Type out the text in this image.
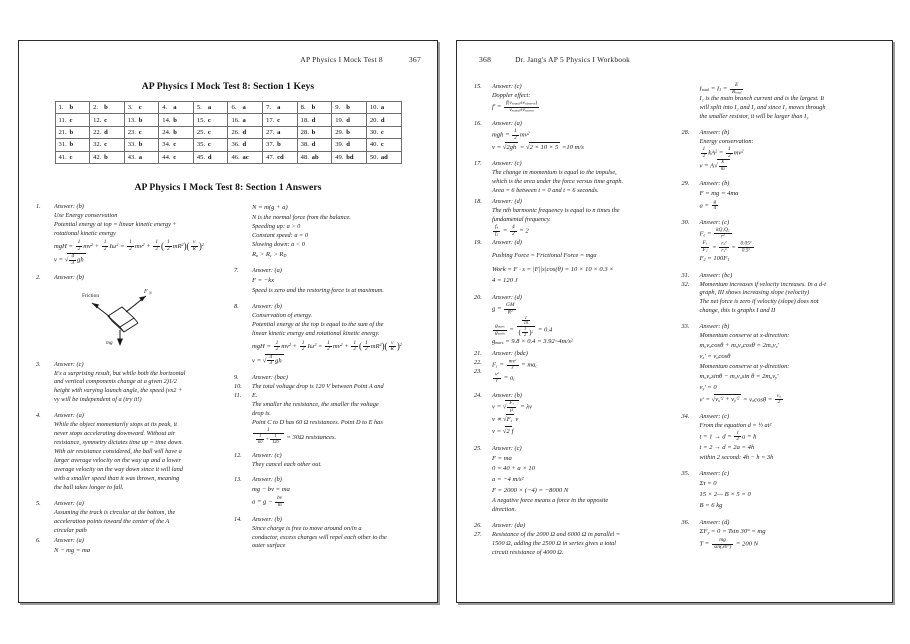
AP Physics I Mock Test 8	367
AP Physics I Mock Test 8: Section 1 Keys
1. b	2. b	3. c	4. a	5. a	6. a	7. a	8. b	9. b	10. a
11. c	12. c	13. b	14. b	15. c	16. a	17. c	18. d	19. d	20. d
21. b	22. d	23. c	24. b	25. c	26. d	27. a	28. b	29. b	30. c
31. b	32. c	33. b	34. c	35. c	36. d	37. b	38. d	39. d	40. c
41. c	42. b	43. a	44. c	45. d	46. ac	47. cd	48. ab	49. bd	50. ad
AP Physics I Mock Test 8: Section 1 Answers
1.	Answer: (b)

Use Energy conservation

Potential energy at top = linear kinetic energy +

rotational kinetic energy

mgH = $\frac{1}{2} mv^2 + \frac{1}{2} I\omega^2 = \frac{1}{2} mv^2 + \frac{1}{2}$ ( $\frac{1}{2} mR^2)( \frac{v}{R} )^2$
v = √ $\frac{4}{3}$ gh
2.	Answer: (b)

Friction
F N
mg
3.	Answer: (c)

It's a surprising result, but while both the horizontal

and vertical components change at a given 2)1/2

height with varying launch angle, the speed (vx2 +

vy will be independent of a (try it!)

4.	Answer: (a)

While the object momentarily stops at its peak, it

never stops accelerating downward. Without air

resistance, symmetry dictates time up = time down.

With air resistance considered, the ball will have a

larger average velocity on the way up and a lower

average velocity on the way down since it will land

with a smaller speed than it was thrown, meaning

the ball takes longer to fall.

5.	Answer: (a)

Assuming the track is circular at the bottom, the

acceleration points toward the center of the A

circular path

6.	Answer: (a)

N − mg = ma
N = m(g + a)

N is the normal force from the balance.

Speeding up: a > 0

Constant speed: a = 0

Slowing down: a < 0

$R_a > R_c > R_D$
7.	Answer: (a)

F = −kx

Speed is zero and the restoring force is at maximum.

8.	Answer: (b)

Conservation of energy.

Potential energy at the top is equal to the sum of the

linear kinetic energy and rotational kinetic energy.

mgH = $\frac{1}{2} mv^2 + \frac{1}{2} I\omega^2 = \frac{1}{2} mv^2 + \frac{1}{2}$ ( $\frac{1}{2} mR^2)( \frac{v}{R} )^2$
v = √ $\frac{4}{3}$ gh
9.
10.
11.

Answer: (bac)

The total voltage drop is 120 V between Point A and

E.

The smaller the resistance, the smaller the voltage

drop is.

Point C to D has 60 Ω resistances. Point D to E has

$\frac{1}{\frac{1}{60} + \frac{1}{120}} = 30\Omega$ resistances.
12.	Answer: (c)

They cancel each other out.

13.	Answer: (b)

mg − bv = ma
$a = g - \frac{bv}{m}$
14.	Answer: (b)

Since charge is free to move around on/in a

conductor, excess charges will repel each other to the

outer surface

368	Dr. Jang's AP 5 Physics I Workbook
15.	Answer: (c)

Doppler effect:

$f' = \frac{f(v_{sound}\pm v_{observe})}{v_{sound}\pm v_{source}}$
16.	Answer: (a)

mgh = $\frac{1}{2} mv^2$
v = √2gh = √2 × 10 × 5 =10 m/s
17.	Answer: (c)

The change in momentum is equal to the impulse,

which is the area under the force versus time graph.

Area = 6 between t = 0 and t = 6 seconds.

18.	Answer: (d)

The nth harmonic frequency is equal to n times the

fundamental frequency.

$\frac{f_4}{f_2} = \frac{4}{2} = 2$
19.	Answer: (d)

Pushing Force = Frictional Force = mga

Work = F · s = |F||s|cos(θ) = 10 × 10 × 0.3 ×
4 = 120 J
20.	Answer: (d)

$g = \frac{GM}{R^2}$
$\frac{g_{mars}}{g_{earth}} = \frac{\frac{1}{10}}{( \frac{1}{2} )^2} = 0.4$
$g_{mars} = 9.8 \times 0.4$ = $3.92\sim 4m/s^2$
21.
22.
23.

Answer: (bdc)

$F_c = \frac{mv^2}{r} = ma_c$
$\frac{v^2}{r} = a_c$
24.	Answer: (b)

v = √ $\frac{F_t}{\mu} = \lambda\nu$
$v \propto √F_t$ ν
v = √2 f
25.	Answer: (c)

F = ma
0 = 40 + a × 10
a = −4 m/s²
F = 2000 × (−4) = −8000 N

A negative force means a force in the opposite

direction.

26.
27.

Answer: (da)

Resistance of the 2000 Ω and 6000 Ω in parallel =

1500 Ω, adding the 2500 Ω in series gives a total

circuit resistance of 4000 Ω.

$I_{total} = I_1 = \frac{E}{R_{total}}$

I₁ is the main branch current and is the largest. It

will split into I₂ and I₃ and since I₂ moves through

the smaller resistor, it will be larger than I₃

28.	Answer: (b)

Energy conservation:

$\frac{1}{2} kA^2 = \frac{1}{2} mv^2$
$v = A√ \frac{k}{m}$
29.	Answer: (b)

F = mg = 4ma
$a = \frac{g}{4}$
30.	Answer: (c)

$F_e = \frac{kQ_1Q_2}{r^2}$
$\frac{F_1}{F_2} = \frac{r_2^2}{r_1^2} = \frac{0.05^2}{0.5^2}$
$F_2 = 100F_1$
31.
32.

Answer: (bc)

Momentum increases if velocity increases. In a d-t

graph, III shows increasing slope (velocity)

The net force is zero if velocity (slope) does not

change, this is graphs I and II

33.	Answer: (b)

Momentum conserve at x-direction:

$m_ov_o\cos\theta + m_ov_o\cos\theta = 2m_ov_x'$
$v_x' = v_o\cos\theta$

Momentum conserve at y-direction:

$m_ov_o\sin\theta - m_ov_o\sin$ $\theta = 2m_ov_y'$
$v_y' = 0$
$v' = √v_x'^2 + v_y'^2 = v_o\cos\theta = \frac{v_o}{2}$
34.	Answer: (c)

From the equation d = ½ at²

$t = 1 \to d = \frac{1}{2}$ a = h
t = 2 → d = 2a = 4h

within 2 second: 4h − h = 3h

35.	Answer: (c)

Στ = 0
15 × 2— B × 5 = 0
B = 6 kg
36.	Answer: (d)

$\Sigma F_y = 0 = Tsin$ 30° = mg
$T = \frac{mg}{\sin(30^\circ)} = 200$ N
